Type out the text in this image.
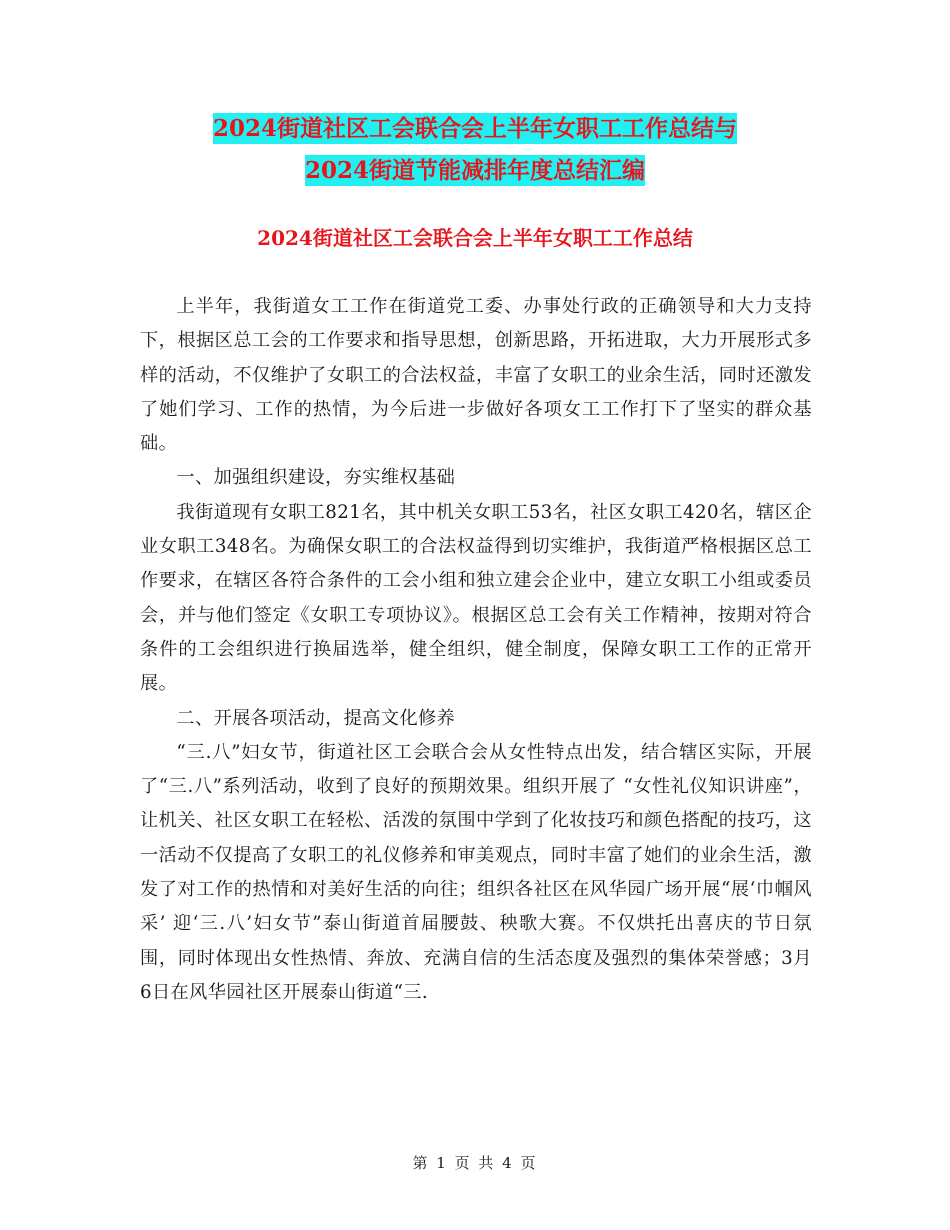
2024街道社区工会联合会上半年女职工工作总结与
2024街道节能减排年度总结汇编
2024街道社区工会联合会上半年女职工工作总结

上半年，我街道女工工作在街道党工委、办事处行政的正确领导和大力支持下，根据区总工会的工作要求和指导思想，创新思路，开拓进取，大力开展形式多样的活动，不仅维护了女职工的合法权益，丰富了女职工的业余生活，同时还激发了她们学习、工作的热情，为今后进一步做好各项女工工作打下了坚实的群众基础。

一、加强组织建设，夯实维权基础

我街道现有女职工821名，其中机关女职工53名，社区女职工420名，辖区企业女职工348名。为确保女职工的合法权益得到切实维护，我街道严格根据区总工作要求，在辖区各符合条件的工会小组和独立建会企业中，建立女职工小组或委员会，并与他们签定《女职工专项协议》。根据区总工会有关工作精神，按期对符合条件的工会组织进行换届选举，健全组织，健全制度，保障女职工工作的正常开展。

二、开展各项活动，提高文化修养

“三.八”妇女节，街道社区工会联合会从女性特点出发，结合辖区实际，开展了“三.八”系列活动，收到了良好的预期效果。组织开展了 “女性礼仪知识讲座”，让机关、社区女职工在轻松、活泼的氛围中学到了化妆技巧和颜色搭配的技巧，这一活动不仅提高了女职工的礼仪修养和审美观点，同时丰富了她们的业余生活，激发了对工作的热情和对美好生活的向往；组织各社区在风华园广场开展“展‘巾帼风采’ 迎‘三.八’妇女节”泰山街道首届腰鼓、秧歌大赛。不仅烘托出喜庆的节日氛围，同时体现出女性热情、奔放、充满自信的生活态度及强烈的集体荣誉感；3月6日在风华园社区开展泰山街道“三.

第 1 页 共 4 页
